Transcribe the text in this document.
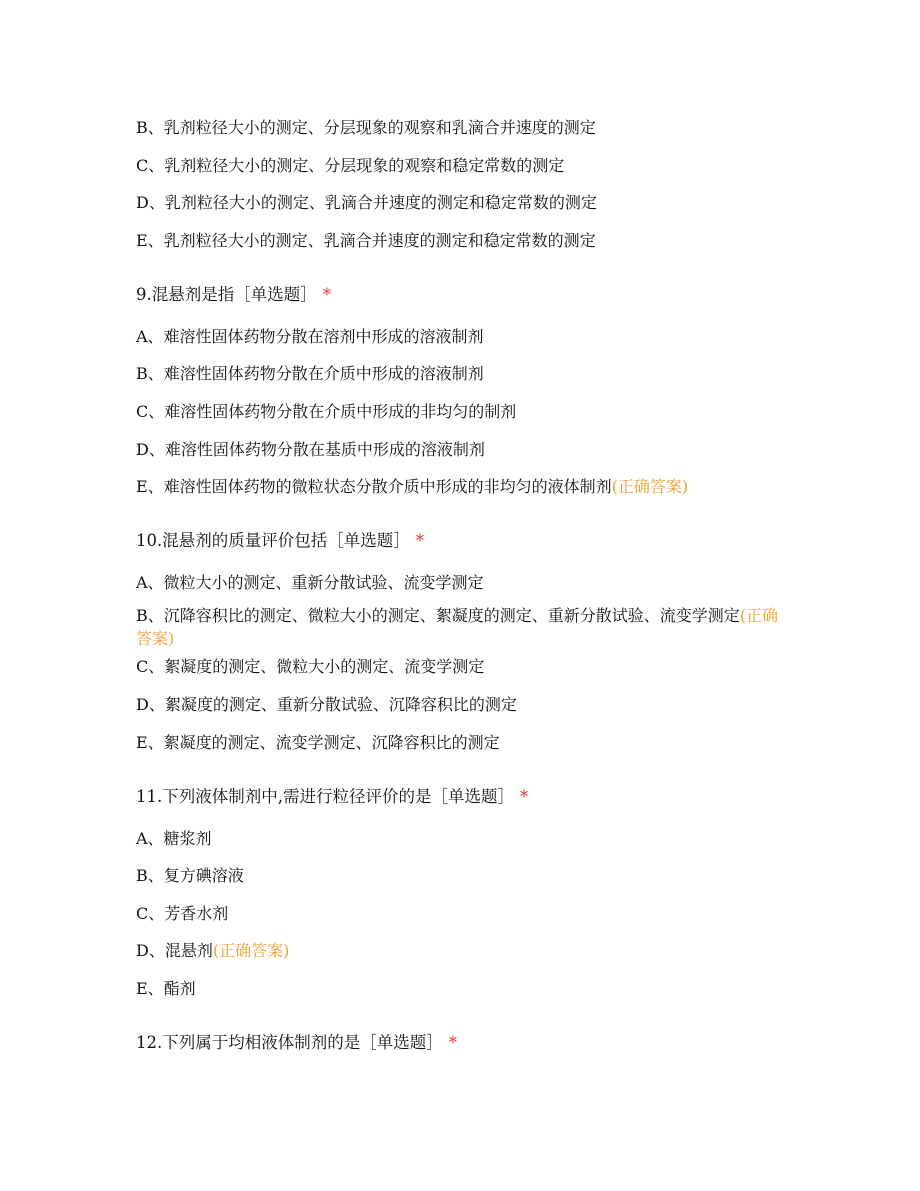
B、乳剂粒径大小的测定、分层现象的观察和乳滴合并速度的测定
C、乳剂粒径大小的测定、分层现象的观察和稳定常数的测定
D、乳剂粒径大小的测定、乳滴合并速度的测定和稳定常数的测定
E、乳剂粒径大小的测定、乳滴合并速度的测定和稳定常数的测定
9.混悬剂是指［单选题］ *
A、难溶性固体药物分散在溶剂中形成的溶液制剂
B、难溶性固体药物分散在介质中形成的溶液制剂
C、难溶性固体药物分散在介质中形成的非均匀的制剂
D、难溶性固体药物分散在基质中形成的溶液制剂
E、难溶性固体药物的微粒状态分散介质中形成的非均匀的液体制剂(正确答案)
10.混悬剂的质量评价包括［单选题］ *
A、微粒大小的测定、重新分散试验、流变学测定
B、沉降容积比的测定、微粒大小的测定、絮凝度的测定、重新分散试验、流变学测定(正确答案)
C、絮凝度的测定、微粒大小的测定、流变学测定
D、絮凝度的测定、重新分散试验、沉降容积比的测定
E、絮凝度的测定、流变学测定、沉降容积比的测定
11.下列液体制剂中,需进行粒径评价的是［单选题］ *
A、糖浆剂
B、复方碘溶液
C、芳香水剂
D、混悬剂(正确答案)
E、酯剂
12.下列属于均相液体制剂的是［单选题］ *
